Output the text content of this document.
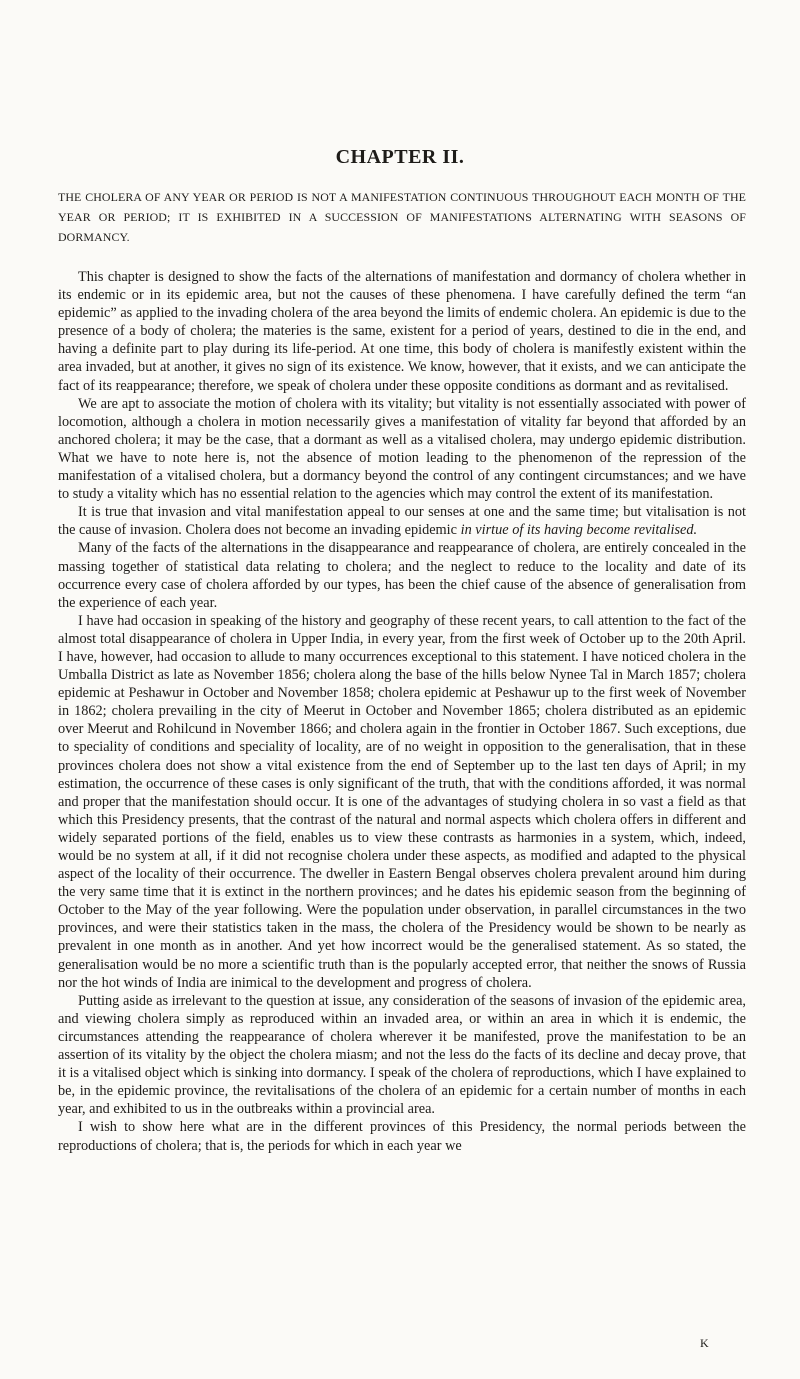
CHAPTER II.

THE CHOLERA OF ANY YEAR OR PERIOD IS NOT A MANIFESTATION CONTINUOUS THROUGHOUT EACH MONTH OF THE YEAR OR PERIOD; IT IS EXHIBITED IN A SUCCESSION OF MANIFESTATIONS ALTERNATING WITH SEASONS OF DORMANCY.

This chapter is designed to show the facts of the alternations of manifestation and dormancy of cholera whether in its endemic or in its epidemic area, but not the causes of these phenomena. I have carefully defined the term “an epidemic” as applied to the invading cholera of the area beyond the limits of endemic cholera. An epidemic is due to the presence of a body of cholera; the materies is the same, existent for a period of years, destined to die in the end, and having a definite part to play during its life-period. At one time, this body of cholera is manifestly existent within the area invaded, but at another, it gives no sign of its existence. We know, however, that it exists, and we can anticipate the fact of its reappearance; therefore, we speak of cholera under these opposite conditions as dormant and as revitalised.

We are apt to associate the motion of cholera with its vitality; but vitality is not essentially associated with power of locomotion, although a cholera in motion necessarily gives a manifestation of vitality far beyond that afforded by an anchored cholera; it may be the case, that a dormant as well as a vitalised cholera, may undergo epidemic distribution. What we have to note here is, not the absence of motion leading to the phenomenon of the repression of the manifestation of a vitalised cholera, but a dormancy beyond the control of any contingent circumstances; and we have to study a vitality which has no essential relation to the agencies which may control the extent of its manifestation.

It is true that invasion and vital manifestation appeal to our senses at one and the same time; but vitalisation is not the cause of invasion. Cholera does not become an invading epidemic in virtue of its having become revitalised.

Many of the facts of the alternations in the disappearance and reappearance of cholera, are entirely concealed in the massing together of statistical data relating to cholera; and the neglect to reduce to the locality and date of its occurrence every case of cholera afforded by our types, has been the chief cause of the absence of generalisation from the experience of each year.

I have had occasion in speaking of the history and geography of these recent years, to call attention to the fact of the almost total disappearance of cholera in Upper India, in every year, from the first week of October up to the 20th April. I have, however, had occasion to allude to many occurrences exceptional to this statement. I have noticed cholera in the Umballa District as late as November 1856; cholera along the base of the hills below Nynee Tal in March 1857; cholera epidemic at Peshawur in October and November 1858; cholera epidemic at Peshawur up to the first week of November in 1862; cholera prevailing in the city of Meerut in October and November 1865; cholera distributed as an epidemic over Meerut and Rohilcund in November 1866; and cholera again in the frontier in October 1867. Such exceptions, due to speciality of conditions and speciality of locality, are of no weight in opposition to the generalisation, that in these provinces cholera does not show a vital existence from the end of September up to the last ten days of April; in my estimation, the occurrence of these cases is only significant of the truth, that with the conditions afforded, it was normal and proper that the manifestation should occur. It is one of the advantages of studying cholera in so vast a field as that which this Presidency presents, that the contrast of the natural and normal aspects which cholera offers in different and widely separated portions of the field, enables us to view these contrasts as harmonies in a system, which, indeed, would be no system at all, if it did not recognise cholera under these aspects, as modified and adapted to the physical aspect of the locality of their occurrence. The dweller in Eastern Bengal observes cholera prevalent around him during the very same time that it is extinct in the northern provinces; and he dates his epidemic season from the beginning of October to the May of the year following. Were the population under observation, in parallel circumstances in the two provinces, and were their statistics taken in the mass, the cholera of the Presidency would be shown to be nearly as prevalent in one month as in another. And yet how incorrect would be the generalised statement. As so stated, the generalisation would be no more a scientific truth than is the popularly accepted error, that neither the snows of Russia nor the hot winds of India are inimical to the development and progress of cholera.

Putting aside as irrelevant to the question at issue, any consideration of the seasons of invasion of the epidemic area, and viewing cholera simply as reproduced within an invaded area, or within an area in which it is endemic, the circumstances attending the reappearance of cholera wherever it be manifested, prove the manifestation to be an assertion of its vitality by the object the cholera miasm; and not the less do the facts of its decline and decay prove, that it is a vitalised object which is sinking into dormancy. I speak of the cholera of reproductions, which I have explained to be, in the epidemic province, the revitalisations of the cholera of an epidemic for a certain number of months in each year, and exhibited to us in the outbreaks within a provincial area.

I wish to show here what are in the different provinces of this Presidency, the normal periods between the reproductions of cholera; that is, the periods for which in each year we

K
